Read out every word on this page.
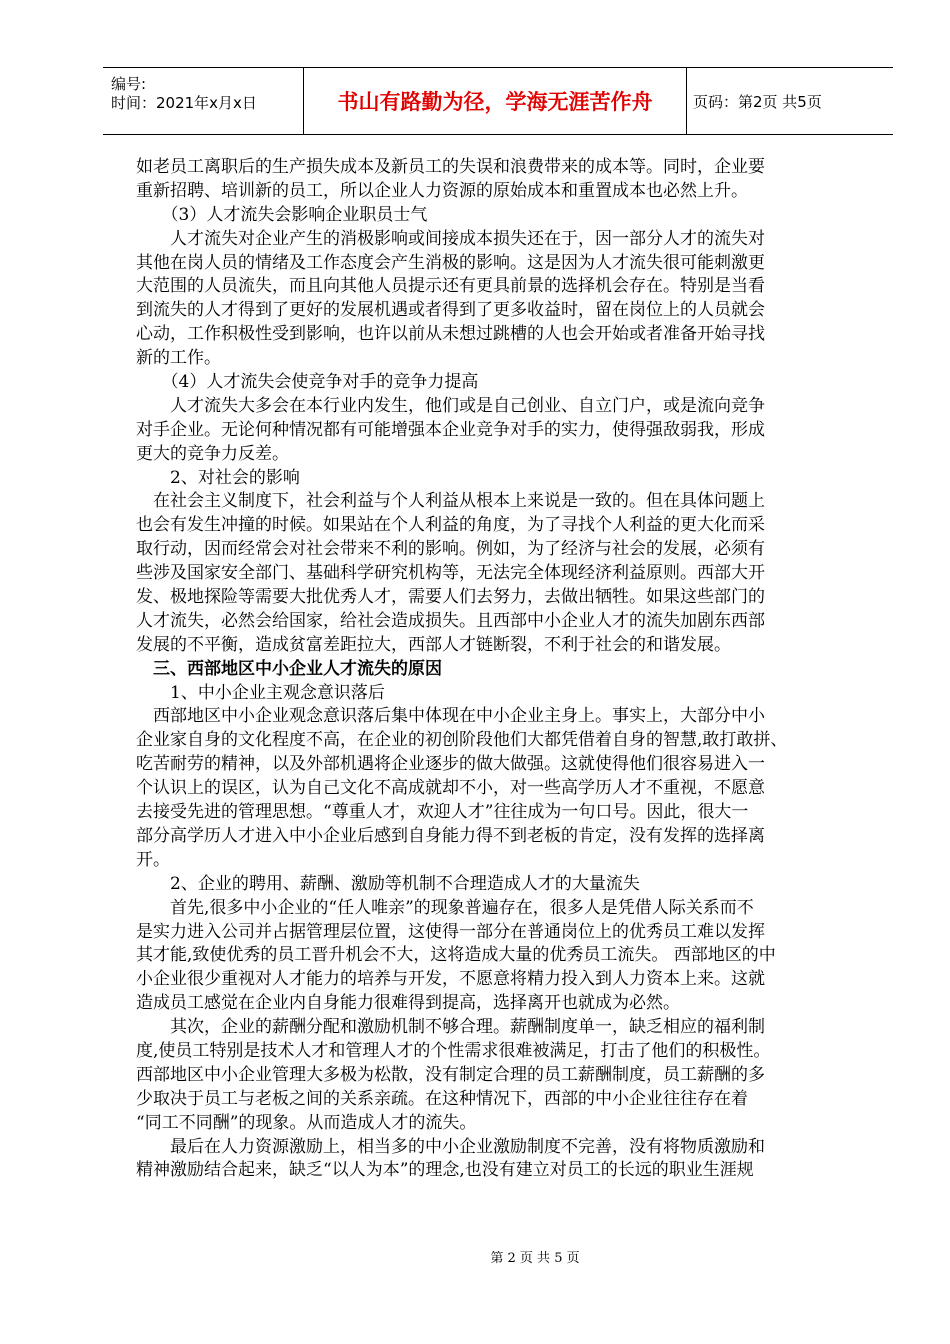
编号:
时间：2021年x月x日	书山有路勤为径，学海无涯苦作舟	页码：第2页 共5页
如老员工离职后的生产损失成本及新员工的失误和浪费带来的成本等。同时，企业要
重新招聘、培训新的员工，所以企业人力资源的原始成本和重置成本也必然上升。
　　（3）人才流失会影响企业职员士气
　　人才流失对企业产生的消极影响或间接成本损失还在于，因一部分人才的流失对
其他在岗人员的情绪及工作态度会产生消极的影响。这是因为人才流失很可能刺激更
大范围的人员流失，而且向其他人员提示还有更具前景的选择机会存在。特别是当看
到流失的人才得到了更好的发展机遇或者得到了更多收益时，留在岗位上的人员就会
心动，工作积极性受到影响，也许以前从未想过跳槽的人也会开始或者准备开始寻找
新的工作。
　　（4）人才流失会使竞争对手的竞争力提高
　　人才流失大多会在本行业内发生，他们或是自己创业、自立门户，或是流向竞争
对手企业。无论何种情况都有可能增强本企业竞争对手的实力，使得强敌弱我，形成
更大的竞争力反差。
　　2、对社会的影响
　在社会主义制度下，社会利益与个人利益从根本上来说是一致的。但在具体问题上
也会有发生冲撞的时候。如果站在个人利益的角度，为了寻找个人利益的更大化而采
取行动，因而经常会对社会带来不利的影响。例如，为了经济与社会的发展，必须有
些涉及国家安全部门、基础科学研究机构等，无法完全体现经济利益原则。西部大开
发、极地探险等需要大批优秀人才，需要人们去努力，去做出牺牲。如果这些部门的
人才流失，必然会给国家，给社会造成损失。且西部中小企业人才的流失加剧东西部
发展的不平衡，造成贫富差距拉大，西部人才链断裂，不利于社会的和谐发展。
　三、西部地区中小企业人才流失的原因
　　1、中小企业主观念意识落后
　西部地区中小企业观念意识落后集中体现在中小企业主身上。事实上，大部分中小
企业家自身的文化程度不高，在企业的初创阶段他们大都凭借着自身的智慧,敢打敢拼、
吃苦耐劳的精神，以及外部机遇将企业逐步的做大做强。这就使得他们很容易进入一
个认识上的误区，认为自己文化不高成就却不小，对一些高学历人才不重视，不愿意
去接受先进的管理思想。“尊重人才，欢迎人才”往往成为一句口号。因此，很大一
部分高学历人才进入中小企业后感到自身能力得不到老板的肯定，没有发挥的选择离
开。
　　2、企业的聘用、薪酬、激励等机制不合理造成人才的大量流失
　　首先,很多中小企业的“任人唯亲”的现象普遍存在，很多人是凭借人际关系而不
是实力进入公司并占据管理层位置，这使得一部分在普通岗位上的优秀员工难以发挥
其才能,致使优秀的员工晋升机会不大，这将造成大量的优秀员工流失。 西部地区的中
小企业很少重视对人才能力的培养与开发，不愿意将精力投入到人力资本上来。这就
造成员工感觉在企业内自身能力很难得到提高，选择离开也就成为必然。
　　其次，企业的薪酬分配和激励机制不够合理。薪酬制度单一，缺乏相应的福利制
度,使员工特别是技术人才和管理人才的个性需求很难被满足，打击了他们的积极性。
西部地区中小企业管理大多极为松散，没有制定合理的员工薪酬制度，员工薪酬的多
少取决于员工与老板之间的关系亲疏。在这种情况下，西部的中小企业往往存在着
“同工不同酬”的现象。从而造成人才的流失。
　　最后在人力资源激励上，相当多的中小企业激励制度不完善，没有将物质激励和
精神激励结合起来，缺乏“以人为本”的理念,也没有建立对员工的长远的职业生涯规
第 2 页 共 5 页
